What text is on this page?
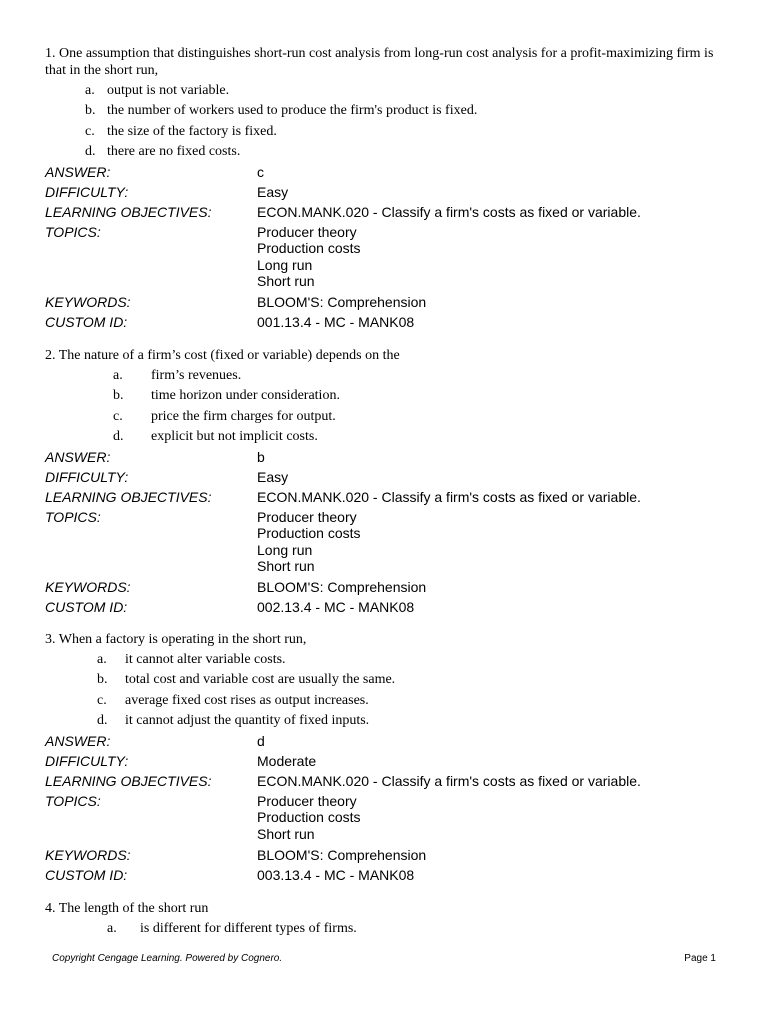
1. One assumption that distinguishes short-run cost analysis from long-run cost analysis for a profit-maximizing firm is that in the short run,

a. output is not variable.
b. the number of workers used to produce the firm's product is fixed.
c. the size of the factory is fixed.
d. there are no fixed costs.
ANSWER:	c
DIFFICULTY:	Easy
LEARNING OBJECTIVES:	ECON.MANK.020 - Classify a firm's costs as fixed or variable.
TOPICS:	Producer theory
Production costs
Long run
Short run
KEYWORDS:	BLOOM'S: Comprehension
CUSTOM ID:	001.13.4 - MC - MANK08

2. The nature of a firm’s cost (fixed or variable) depends on the

a. firm’s revenues.
b. time horizon under consideration.
c. price the firm charges for output.
d. explicit but not implicit costs.
ANSWER:	b
DIFFICULTY:	Easy
LEARNING OBJECTIVES:	ECON.MANK.020 - Classify a firm's costs as fixed or variable.
TOPICS:	Producer theory
Production costs
Long run
Short run
KEYWORDS:	BLOOM'S: Comprehension
CUSTOM ID:	002.13.4 - MC - MANK08

3. When a factory is operating in the short run,

a. it cannot alter variable costs.
b. total cost and variable cost are usually the same.
c. average fixed cost rises as output increases.
d. it cannot adjust the quantity of fixed inputs.
ANSWER:	d
DIFFICULTY:	Moderate
LEARNING OBJECTIVES:	ECON.MANK.020 - Classify a firm's costs as fixed or variable.
TOPICS:	Producer theory
Production costs
Short run
KEYWORDS:	BLOOM'S: Comprehension
CUSTOM ID:	003.13.4 - MC - MANK08

4. The length of the short run

a. is different for different types of firms.
Copyright Cengage Learning. Powered by Cognero.	Page 1
